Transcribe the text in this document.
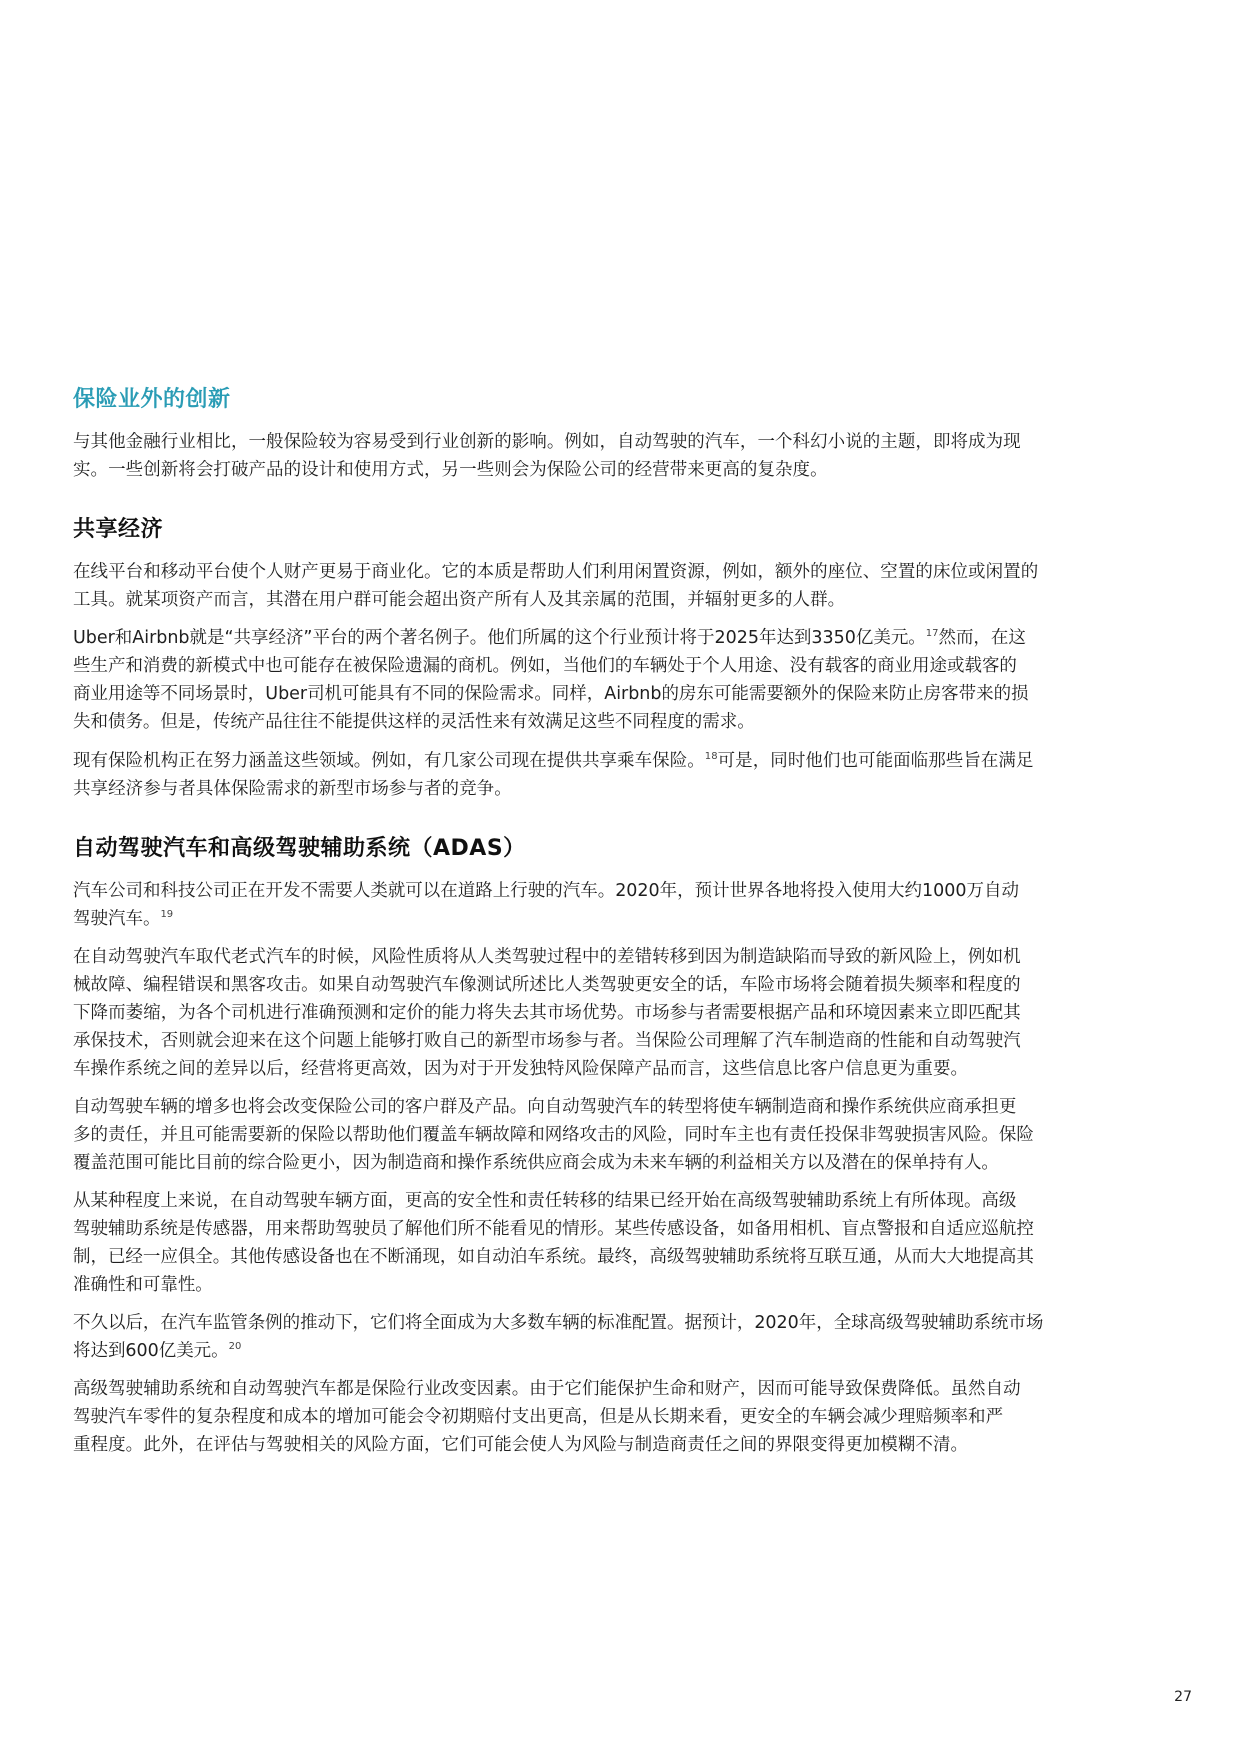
保险业外的创新

与其他金融行业相比，一般保险较为容易受到行业创新的影响。例如，自动驾驶的汽车，一个科幻小说的主题，即将成为现
实。一些创新将会打破产品的设计和使用方式，另一些则会为保险公司的经营带来更高的复杂度。

共享经济

在线平台和移动平台使个人财产更易于商业化。它的本质是帮助人们利用闲置资源，例如，额外的座位、空置的床位或闲置的
工具。就某项资产而言，其潜在用户群可能会超出资产所有人及其亲属的范围，并辐射更多的人群。

Uber和Airbnb就是“共享经济”平台的两个著名例子。他们所属的这个行业预计将于2025年达到3350亿美元。$^{17}$然而，在这
些生产和消费的新模式中也可能存在被保险遗漏的商机。例如，当他们的车辆处于个人用途、没有载客的商业用途或载客的
商业用途等不同场景时，Uber司机可能具有不同的保险需求。同样，Airbnb的房东可能需要额外的保险来防止房客带来的损
失和债务。但是，传统产品往往不能提供这样的灵活性来有效满足这些不同程度的需求。

现有保险机构正在努力涵盖这些领域。例如，有几家公司现在提供共享乘车保险。$^{18}$可是，同时他们也可能面临那些旨在满足
共享经济参与者具体保险需求的新型市场参与者的竞争。

自动驾驶汽车和高级驾驶辅助系统（ADAS）

汽车公司和科技公司正在开发不需要人类就可以在道路上行驶的汽车。2020年，预计世界各地将投入使用大约1000万自动
驾驶汽车。$^{19}$

在自动驾驶汽车取代老式汽车的时候，风险性质将从人类驾驶过程中的差错转移到因为制造缺陷而导致的新风险上，例如机
械故障、编程错误和黑客攻击。如果自动驾驶汽车像测试所述比人类驾驶更安全的话，车险市场将会随着损失频率和程度的
下降而萎缩，为各个司机进行准确预测和定价的能力将失去其市场优势。市场参与者需要根据产品和环境因素来立即匹配其
承保技术，否则就会迎来在这个问题上能够打败自己的新型市场参与者。当保险公司理解了汽车制造商的性能和自动驾驶汽
车操作系统之间的差异以后，经营将更高效，因为对于开发独特风险保障产品而言，这些信息比客户信息更为重要。

自动驾驶车辆的增多也将会改变保险公司的客户群及产品。向自动驾驶汽车的转型将使车辆制造商和操作系统供应商承担更
多的责任，并且可能需要新的保险以帮助他们覆盖车辆故障和网络攻击的风险，同时车主也有责任投保非驾驶损害风险。保险
覆盖范围可能比目前的综合险更小，因为制造商和操作系统供应商会成为未来车辆的利益相关方以及潜在的保单持有人。

从某种程度上来说，在自动驾驶车辆方面，更高的安全性和责任转移的结果已经开始在高级驾驶辅助系统上有所体现。高级
驾驶辅助系统是传感器，用来帮助驾驶员了解他们所不能看见的情形。某些传感设备，如备用相机、盲点警报和自适应巡航控
制，已经一应俱全。其他传感设备也在不断涌现，如自动泊车系统。最终，高级驾驶辅助系统将互联互通，从而大大地提高其
准确性和可靠性。

不久以后，在汽车监管条例的推动下，它们将全面成为大多数车辆的标准配置。据预计，2020年，全球高级驾驶辅助系统市场
将达到600亿美元。$^{20}$

高级驾驶辅助系统和自动驾驶汽车都是保险行业改变因素。由于它们能保护生命和财产，因而可能导致保费降低。虽然自动
驾驶汽车零件的复杂程度和成本的增加可能会令初期赔付支出更高，但是从长期来看，更安全的车辆会减少理赔频率和严
重程度。此外，在评估与驾驶相关的风险方面，它们可能会使人为风险与制造商责任之间的界限变得更加模糊不清。

27
